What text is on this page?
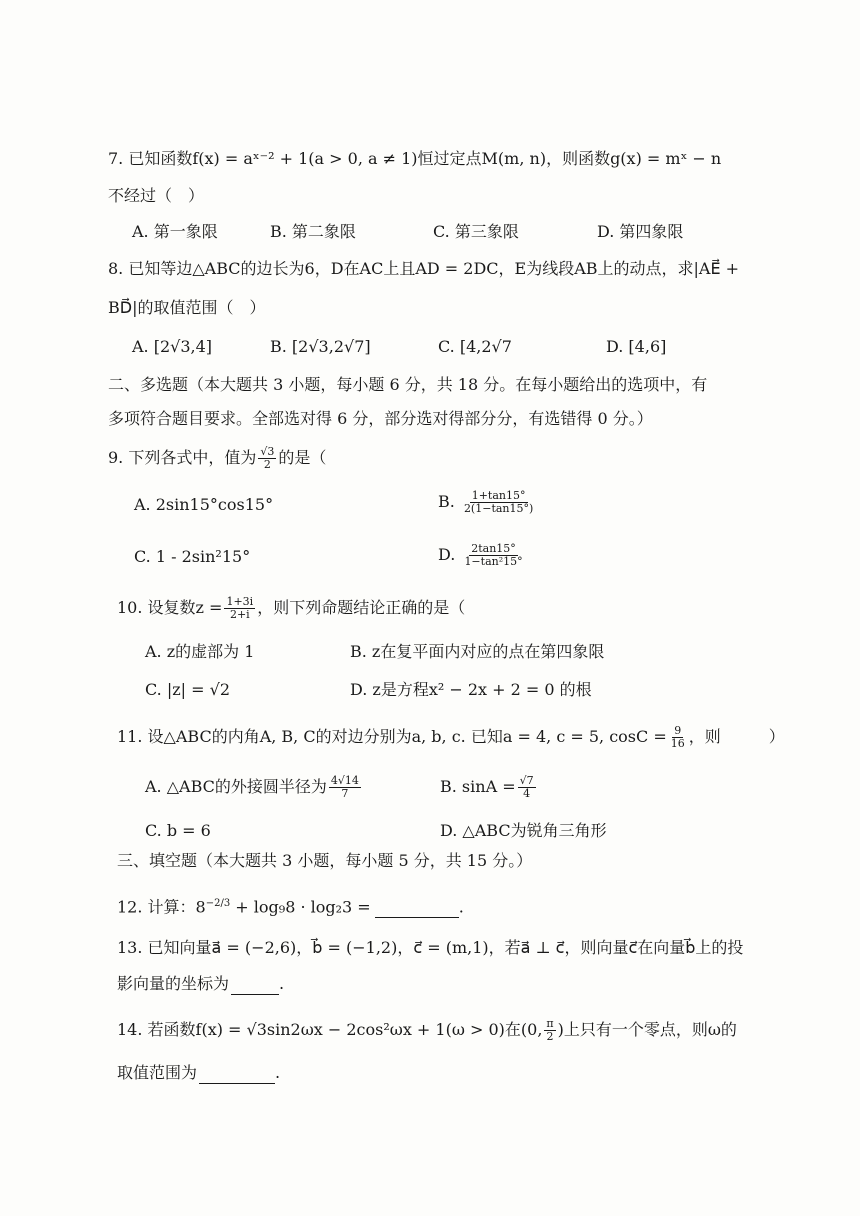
7. 已知函数f(x) = aˣ⁻² + 1(a > 0, a ≠ 1)恒过定点M(m, n)，则函数g(x) = mˣ − n
不经过（　）
A. 第一象限	B. 第二象限	C. 第三象限	D. 第四象限
8. 已知等边△ABC的边长为6，D在AC上且AD = 2DC，E为线段AB上的动点，求|AE⃗ +
BD⃗|的取值范围（　）
A. [2√3,4]	B. [2√3,2√7]	C. [4,2√7	D. [4,6]
二、多选题（本大题共 3 小题，每小题 6 分，共 18 分。在每小题给出的选项中，有
多项符合题目要求。全部选对得 6 分，部分选对得部分分，有选错得 0 分。）
9. 下列各式中，值为 $\frac{√3}{2}$ 的是（
A. 2sin15°cos15°	B. $\frac{1+\tan 15^\circ}{2(1-\tan 15^\circ)}$
C. 1 - 2sin²15°	D. $\frac{2\tan 15^\circ}{\text{1−tan²15°}}$
10. 设复数$z = \frac{1+3i}{2+i}$ ，则下列命题结论正确的是（
A. z的虚部为 1	B. z在复平面内对应的点在第四象限
C. |z| = √2	D. z是方程x² − 2x + 2 = 0 的根
11. 设△ABC的内角A, B, C的对边分别为a, b, c. 已知a = 4, c = 5, $\cos C = \frac{9}{16}$ ，则　　　）
A. △ABC的外接圆半径为 $\frac{4√14}{7}$	B. $\sin A = \frac{√7}{4}$
C. b = 6	D. △ABC为锐角三角形
三、填空题（本大题共 3 小题，每小题 5 分，共 15 分。）
12. 计算：$8^{-2/3} + \log_98 \cdot \log_23$ =	.
13. 已知向量a⃗ = (−2,6)，b⃗ = (−1,2)，c⃗ = (m,1)，若a⃗ ⊥ c⃗，则向量c⃗在向量b⃗上的投
影向量的坐标为	.
14. 若函数f(x) = √3sin2ωx − 2cos²ωx + 1(ω > 0)在(0, $\frac{\pi}{2}$ )上只有一个零点，则ω的
取值范围为	.
